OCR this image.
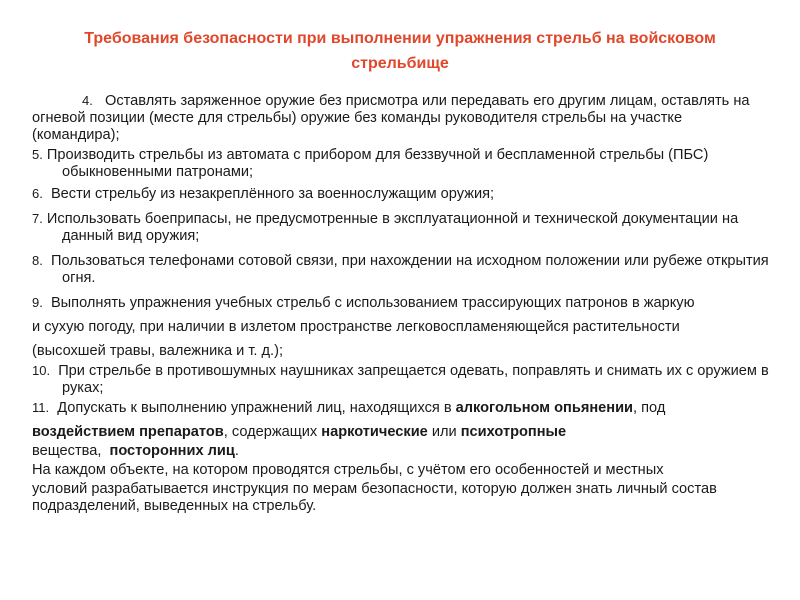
Требования безопасности при выполнении упражнения стрельб на войсковом стрельбище

4. Оставлять заряженное оружие без присмотра или передавать его другим лицам, оставлять на огневой позиции (месте для стрельбы) оружие без команды руководителя стрельбы на участке (командира);

5. Производить стрельбы из автомата с прибором для беззвучной и беспламенной стрельбы (ПБС) обыкновенными патронами;

6. Вести стрельбу из незакреплённого за военнослужащим оружия;

7. Использовать боеприпасы, не предусмотренные в эксплуатационной и технической документации на данный вид оружия;

8. Пользоваться телефонами сотовой связи, при нахождении на исходном положении или рубеже открытия огня.

9. Выполнять упражнения учебных стрельб с использованием трассирующих патронов в жаркую

и сухую погоду, при наличии в излетом пространстве легковоспламеняющейся растительности

(высохшей травы, валежника и т. д.);

10. При стрельбе в противошумных наушниках запрещается одевать, поправлять и снимать их с оружием в руках;

11. Допускать к выполнению упражнений лиц, находящихся в алкогольном опьянении, под

воздействием препаратов, содержащих наркотические или психотропные

вещества,  посторонних лиц.

На каждом объекте, на котором проводятся стрельбы, с учётом его особенностей и местных

условий разрабатывается инструкция по мерам безопасности, которую должен знать личный состав подразделений, выведенных на стрельбу.
